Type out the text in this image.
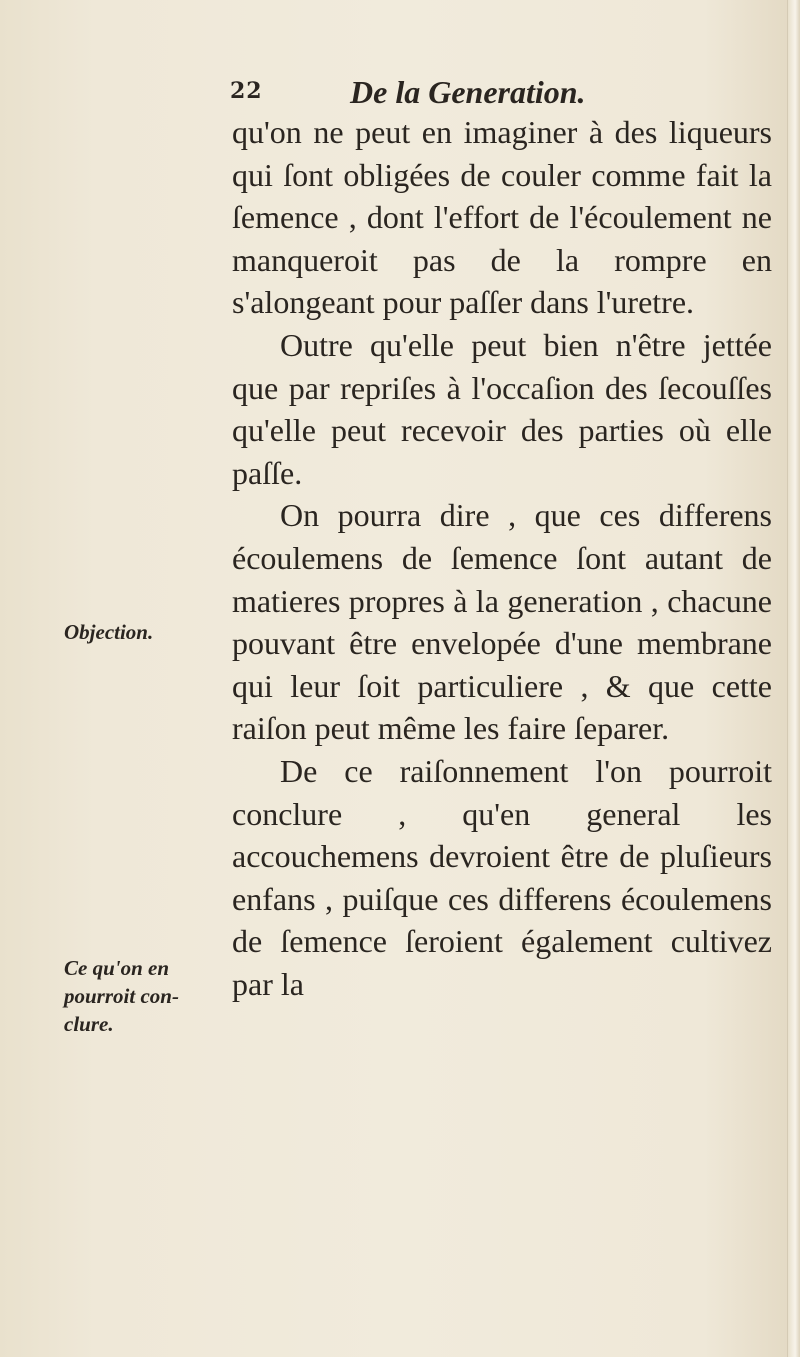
22	De la Generation.

qu'on ne peut en imaginer à des liqueurs qui ſont obligées de couler comme fait la ſemence , dont l'effort de l'écoulement ne manqueroit pas de la rompre en s'alongeant pour paſſer dans l'uretre.

Outre qu'elle peut bien n'être jettée que par repriſes à l'occaſion des ſecouſſes qu'elle peut recevoir des parties où elle paſſe.

On pourra dire , que ces differens écoulemens de ſemence ſont autant de matieres propres à la generation , chacune pouvant être envelopée d'une membrane qui leur ſoit particuliere , & que cette raiſon peut même les faire ſeparer.

De ce raiſonnement l'on pourroit conclure , qu'en general les accouchemens devroient être de pluſieurs enfans , puiſque ces differens écoulemens de ſemence ſeroient également cultivez par la

Objection.
Ce qu'on en pourroit con-clure.
